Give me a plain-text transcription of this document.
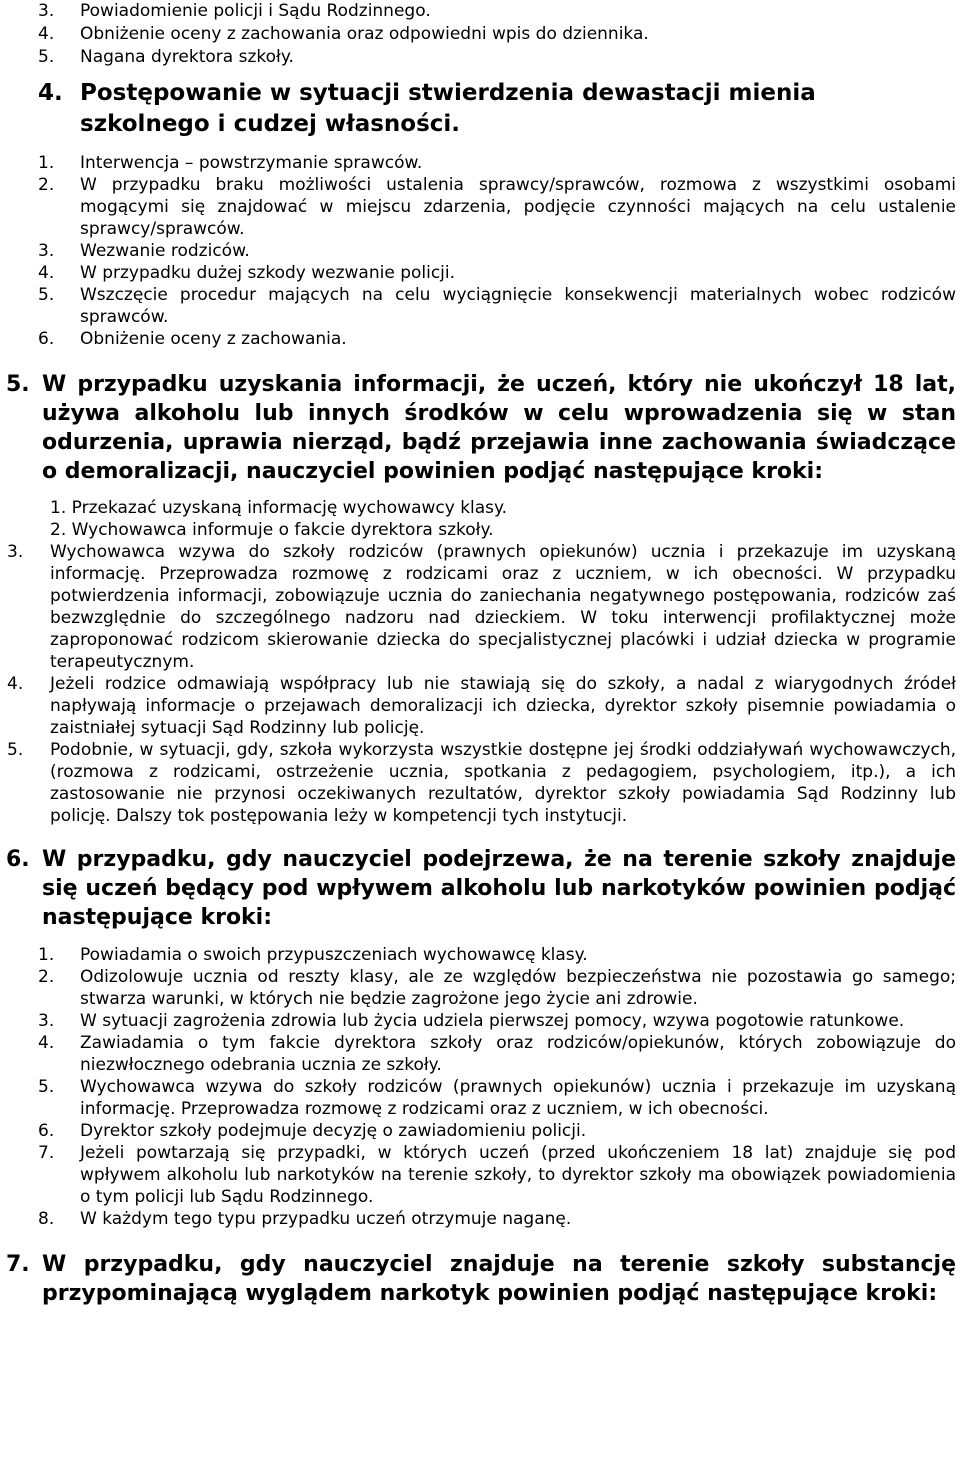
3. Powiadomienie policji i Sądu Rodzinnego.
4. Obniżenie oceny z zachowania oraz odpowiedni wpis do dziennika.
5. Nagana dyrektora szkoły.
4. Postępowanie w sytuacji stwierdzenia dewastacji mienia szkolnego i cudzej własności.
1. Interwencja – powstrzymanie sprawców.
2. W przypadku braku możliwości ustalenia sprawcy/sprawców, rozmowa z wszystkimi osobami mogącymi się znajdować w miejscu zdarzenia, podjęcie czynności mających na celu ustalenie sprawcy/sprawców.
3. Wezwanie rodziców.
4. W przypadku dużej szkody wezwanie policji.
5. Wszczęcie procedur mających na celu wyciągnięcie konsekwencji materialnych wobec rodziców sprawców.
6. Obniżenie oceny z zachowania.
5. W przypadku uzyskania informacji, że uczeń, który nie ukończył 18 lat, używa alkoholu lub innych środków w celu wprowadzenia się w stan odurzenia, uprawia nierząd, bądź przejawia inne zachowania świadczące o demoralizacji, nauczyciel powinien podjąć następujące kroki:
1. Przekazać uzyskaną informację wychowawcy klasy.
2. Wychowawca informuje o fakcie dyrektora szkoły.
3. Wychowawca wzywa do szkoły rodziców (prawnych opiekunów) ucznia i przekazuje im uzyskaną informację. Przeprowadza rozmowę z rodzicami oraz z uczniem, w ich obecności. W przypadku potwierdzenia informacji, zobowiązuje ucznia do zaniechania negatywnego postępowania, rodziców zaś bezwzględnie do szczególnego nadzoru nad dzieckiem. W toku interwencji profilaktycznej może zaproponować rodzicom skierowanie dziecka do specjalistycznej placówki i udział dziecka w programie terapeutycznym.
4. Jeżeli rodzice odmawiają współpracy lub nie stawiają się do szkoły, a nadal z wiarygodnych źródeł napływają informacje o przejawach demoralizacji ich dziecka, dyrektor szkoły pisemnie powiadamia o zaistniałej sytuacji Sąd Rodzinny lub policję.
5. Podobnie, w sytuacji, gdy, szkoła wykorzysta wszystkie dostępne jej środki oddziaływań wychowawczych, (rozmowa z rodzicami, ostrzeżenie ucznia, spotkania z pedagogiem, psychologiem, itp.), a ich zastosowanie nie przynosi oczekiwanych rezultatów, dyrektor szkoły powiadamia Sąd Rodzinny lub policję. Dalszy tok postępowania leży w kompetencji tych instytucji.
6. W przypadku, gdy nauczyciel podejrzewa, że na terenie szkoły znajduje się uczeń będący pod wpływem alkoholu lub narkotyków powinien podjąć następujące kroki:
1. Powiadamia o swoich przypuszczeniach wychowawcę klasy.
2. Odizolowuje ucznia od reszty klasy, ale ze względów bezpieczeństwa nie pozostawia go samego; stwarza warunki, w których nie będzie zagrożone jego życie ani zdrowie.
3. W sytuacji zagrożenia zdrowia lub życia udziela pierwszej pomocy, wzywa pogotowie ratunkowe.
4. Zawiadamia o tym fakcie dyrektora szkoły oraz rodziców/opiekunów, których zobowiązuje do niezwłocznego odebrania ucznia ze szkoły.
5. Wychowawca wzywa do szkoły rodziców (prawnych opiekunów) ucznia i przekazuje im uzyskaną informację. Przeprowadza rozmowę z rodzicami oraz z uczniem, w ich obecności.
6. Dyrektor szkoły podejmuje decyzję o zawiadomieniu policji.
7. Jeżeli powtarzają się przypadki, w których uczeń (przed ukończeniem 18 lat) znajduje się pod wpływem alkoholu lub narkotyków na terenie szkoły, to dyrektor szkoły ma obowiązek powiadomienia o tym policji lub Sądu Rodzinnego.
8. W każdym tego typu przypadku uczeń otrzymuje naganę.
7. W przypadku, gdy nauczyciel znajduje na terenie szkoły substancję przypominającą wyglądem narkotyk powinien podjąć następujące kroki:
